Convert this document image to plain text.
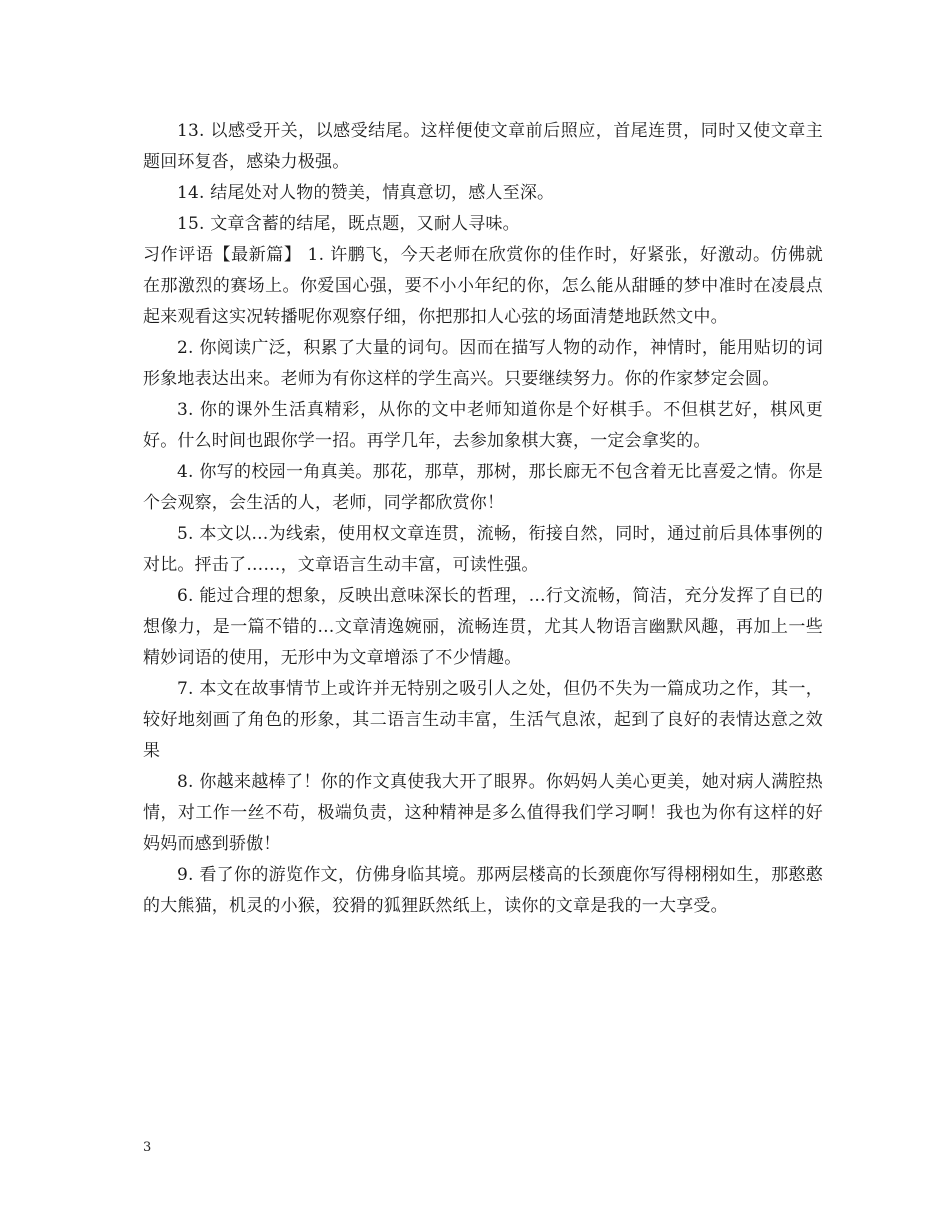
13. 以感受开关，以感受结尾。这样便使文章前后照应，首尾连贯，同时又使文章主题回环复沓，感染力极强。

14. 结尾处对人物的赞美，情真意切，感人至深。

15. 文章含蓄的结尾，既点题，又耐人寻味。

习作评语【最新篇】 1. 许鹏飞，今天老师在欣赏你的佳作时，好紧张，好激动。仿佛就在那激烈的赛场上。你爱国心强，要不小小年纪的你，怎么能从甜睡的梦中准时在凌晨点起来观看这实况转播呢你观察仔细，你把那扣人心弦的场面清楚地跃然文中。

2. 你阅读广泛，积累了大量的词句。因而在描写人物的动作，神情时，能用贴切的词形象地表达出来。老师为有你这样的学生高兴。只要继续努力。你的作家梦定会圆。

3. 你的课外生活真精彩，从你的文中老师知道你是个好棋手。不但棋艺好，棋风更好。什么时间也跟你学一招。再学几年，去参加象棋大赛，一定会拿奖的。

4. 你写的校园一角真美。那花，那草，那树，那长廊无不包含着无比喜爱之情。你是个会观察，会生活的人，老师，同学都欣赏你！

5. 本文以…为线索，使用权文章连贯，流畅，衔接自然，同时，通过前后具体事例的对比。抨击了……，文章语言生动丰富，可读性强。

6. 能过合理的想象，反映出意味深长的哲理，…行文流畅，简洁，充分发挥了自已的想像力，是一篇不错的…文章清逸婉丽，流畅连贯，尤其人物语言幽默风趣，再加上一些精妙词语的使用，无形中为文章增添了不少情趣。

7. 本文在故事情节上或许并无特别之吸引人之处，但仍不失为一篇成功之作，其一，较好地刻画了角色的形象，其二语言生动丰富，生活气息浓，起到了良好的表情达意之效果

8. 你越来越棒了！你的作文真使我大开了眼界。你妈妈人美心更美，她对病人满腔热情，对工作一丝不苟，极端负责，这种精神是多么值得我们学习啊！我也为你有这样的好妈妈而感到骄傲！

9. 看了你的游览作文，仿佛身临其境。那两层楼高的长颈鹿你写得栩栩如生，那憨憨的大熊猫，机灵的小猴，狡猾的狐狸跃然纸上，读你的文章是我的一大享受。

3
